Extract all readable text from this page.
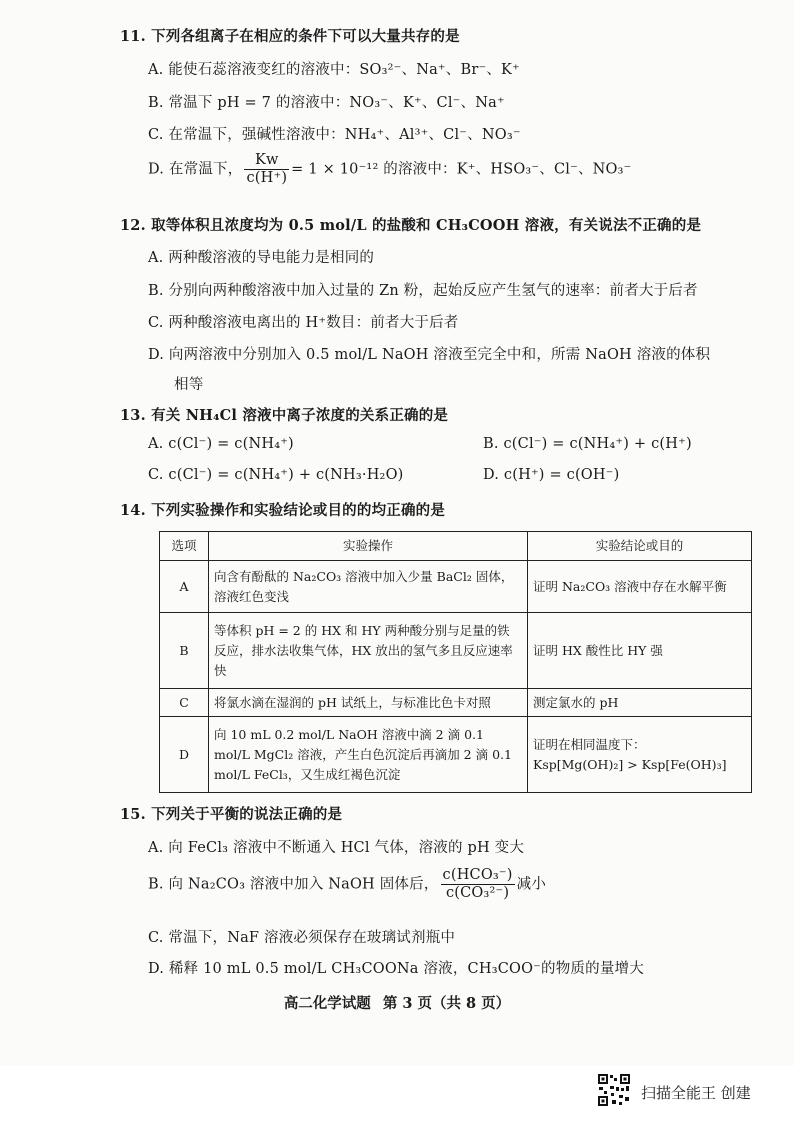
11. 下列各组离子在相应的条件下可以大量共存的是
A. 能使石蕊溶液变红的溶液中：SO₃²⁻、Na⁺、Br⁻、K⁺
B. 常温下 pH = 7 的溶液中：NO₃⁻、K⁺、Cl⁻、Na⁺
C. 在常温下，强碱性溶液中：NH₄⁺、Al³⁺、Cl⁻、NO₃⁻
D. 在常温下， $\frac{Kw}{c(H^+)} = 1 \times 10^{-12}$ 的溶液中：K⁺、HSO₃⁻、Cl⁻、NO₃⁻
12. 取等体积且浓度均为 0.5 mol/L 的盐酸和 CH₃COOH 溶液，有关说法不正确的是
A. 两种酸溶液的导电能力是相同的
B. 分别向两种酸溶液中加入过量的 Zn 粉，起始反应产生氢气的速率：前者大于后者
C. 两种酸溶液电离出的 H⁺数目：前者大于后者
D. 向两溶液中分别加入 0.5 mol/L NaOH 溶液至完全中和，所需 NaOH 溶液的体积
相等
13. 有关 NH₄Cl 溶液中离子浓度的关系正确的是
A. c(Cl⁻) = c(NH₄⁺)	B. c(Cl⁻) = c(NH₄⁺) + c(H⁺)
C. c(Cl⁻) = c(NH₄⁺) + c(NH₃·H₂O)	D. c(H⁺) = c(OH⁻)
14. 下列实验操作和实验结论或目的的均正确的是
选项	实验操作	实验结论或目的
A	向含有酚酞的 Na₂CO₃ 溶液中加入少量 BaCl₂ 固体，溶液红色变浅	证明 Na₂CO₃ 溶液中存在水解平衡
B	等体积 pH = 2 的 HX 和 HY 两种酸分别与足量的铁反应，排水法收集气体，HX 放出的氢气多且反应速率快	证明 HX 酸性比 HY 强
C	将氯水滴在湿润的 pH 试纸上，与标准比色卡对照	测定氯水的 pH
D	向 10 mL 0.2 mol/L NaOH 溶液中滴 2 滴 0.1 mol/L MgCl₂ 溶液，产生白色沉淀后再滴加 2 滴 0.1 mol/L FeCl₃，又生成红褐色沉淀	证明在相同温度下：
Ksp[Mg(OH)₂] > Ksp[Fe(OH)₃]
15. 下列关于平衡的说法正确的是
A. 向 FeCl₃ 溶液中不断通入 HCl 气体，溶液的 pH 变大
B. 向 Na₂CO₃ 溶液中加入 NaOH 固体后， $\frac{\text{c(HCO₃⁻)}}{\text{c(CO₃²⁻)}}$ 减小
C. 常温下，NaF 溶液必须保存在玻璃试剂瓶中
D. 稀释 10 mL 0.5 mol/L CH₃COONa 溶液，CH₃COO⁻的物质的量增大
高二化学试题 第 3 页（共 8 页）
扫描全能王 创建
